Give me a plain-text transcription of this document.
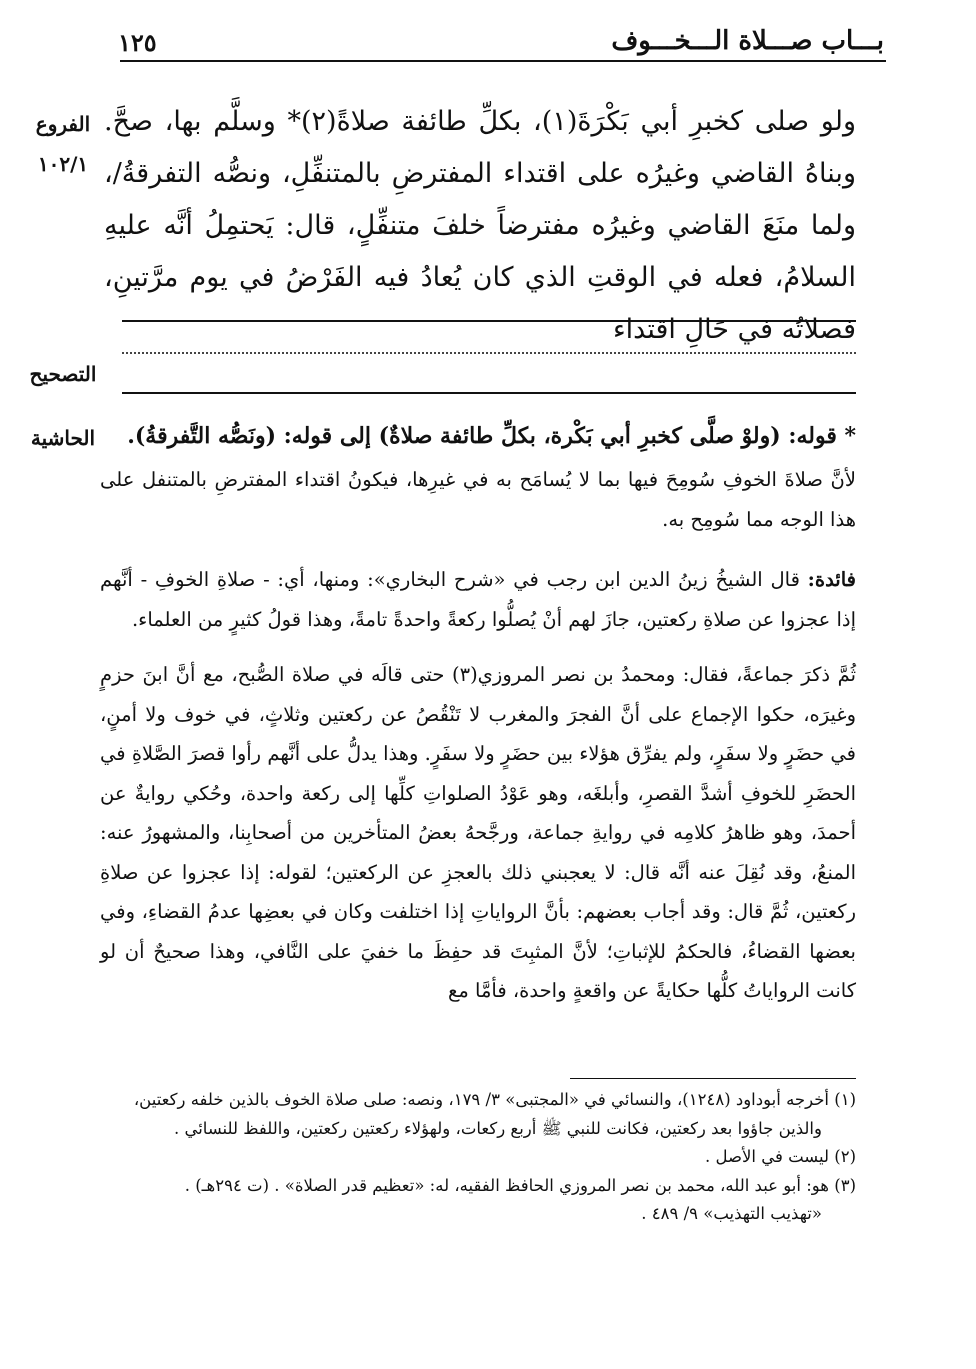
بـــاب صـــلاة الـــخـــوف
١٢٥
الفروع
١٠٢/١
التصحيح
الحاشية
ولو صلى كخبرِ أبي بَكْرَةَ(١)، بكلِّ طائفة صلاةً(٢)* وسلَّم بها، صحَّ. وبناهُ القاضي وغيرُه على اقتداء المفترضِ بالمتنفِّلِ، ونصُّه التفرقةُ/، ولما منَعَ القاضي وغيرُه مفترضاً خلفَ متنفِّلٍ، قال: يَحتمِلُ أنَّه عليهِ السلامُ، فعله في الوقتِ الذي كان يُعادُ فيه الفَرْضُ في يوم مرَّتينِ، فصلاتُه في حَالِ اقتداء
* قوله: (ولوْ صلَّى كخبرِ أبي بَكْرة، بكلِّ طائفة صلاةٌ) إلى قوله: (ونَصُّه التَّفرقةُ).
لأنَّ صلاةَ الخوفِ سُومِحَ فيها بما لا يُسامَح به في غيرِها، فيكونُ اقتداء المفترضِ بالمتنفل على هذا الوجه مما سُومِح به.
فائدة: قال الشيخُ زينُ الدين ابن رجب في «شرح البخاري»: ومنها، أي: - صلاةِ الخوفِ - أنَّهم إذا عجزوا عن صلاةِ ركعتين، جازَ لهم أنْ يُصلُّوا ركعةً واحدةً تامةً، وهذا قولُ كثيرٍ من العلماء.
ثُمَّ ذكرَ جماعةً، فقال: ومحمدُ بن نصر المروزي(٣) حتى قالَه في صلاة الصُّبح، مع أنَّ ابنَ حزمٍ وغيرَه، حكوا الإجماع على أنَّ الفجرَ والمغرب لا تَنْقُصُ عن ركعتين وثلاثٍ، في خوف ولا أمنٍ، في حضَرٍ ولا سفَرٍ، ولم يفرِّق هؤلاء بين حضَرٍ ولا سفَرٍ. وهذا يدلُّ على أنَّهم رأوا قصرَ الصَّلاةِ في الحضَرِ للخوفِ أشدَّ القصرِ، وأبلغَه، وهو عَوْدُ الصلواتِ كلِّها إلى ركعة واحدة، وحُكي روايةٌ عن أحمدَ، وهو ظاهرُ كلامِه في روايةِ جماعة، ورجَّحهُ بعضُ المتأخرين من أصحابِنا، والمشهورُ عنه: المنعُ، وقد نُقِلَ عنه أنَّه قال: لا يعجبني ذلك بالعجزِ عن الركعتين؛ لقوله: إذا عجزوا عن صلاةِ ركعتين، ثُمَّ قال: وقد أجاب بعضهم: بأنَّ الرواياتِ إذا اختلفت وكان في بعضِها عدمُ القضاءِ، وفي بعضها القضاءُ، فالحكمُ للإثباتِ؛ لأنَّ المثبِتَ قد حفِظَ ما خفيَ على النَّافي، وهذا صحيحٌ أن لو كانت الرواياتُ كلُّها حكايةً عن واقعةٍ واحدة، فأمَّا مع

(١) أخرجه أبوداود (١٢٤٨)، والنسائي في «المجتبى» ٣/ ١٧٩، ونصه: صلى صلاة الخوف بالذين خلفه ركعتين،

والذين جاؤوا بعد ركعتين، فكانت للنبي ﷺ أربع ركعات، ولهؤلاء ركعتين ركعتين، واللفظ للنسائي .

(٢) ليست في الأصل .

(٣) هو: أبو عبد الله، محمد بن نصر المروزي الحافظ الفقيه، له: «تعظيم قدر الصلاة» . (ت ٢٩٤هـ) .

«تهذيب التهذيب» ٩/ ٤٨٩ .
